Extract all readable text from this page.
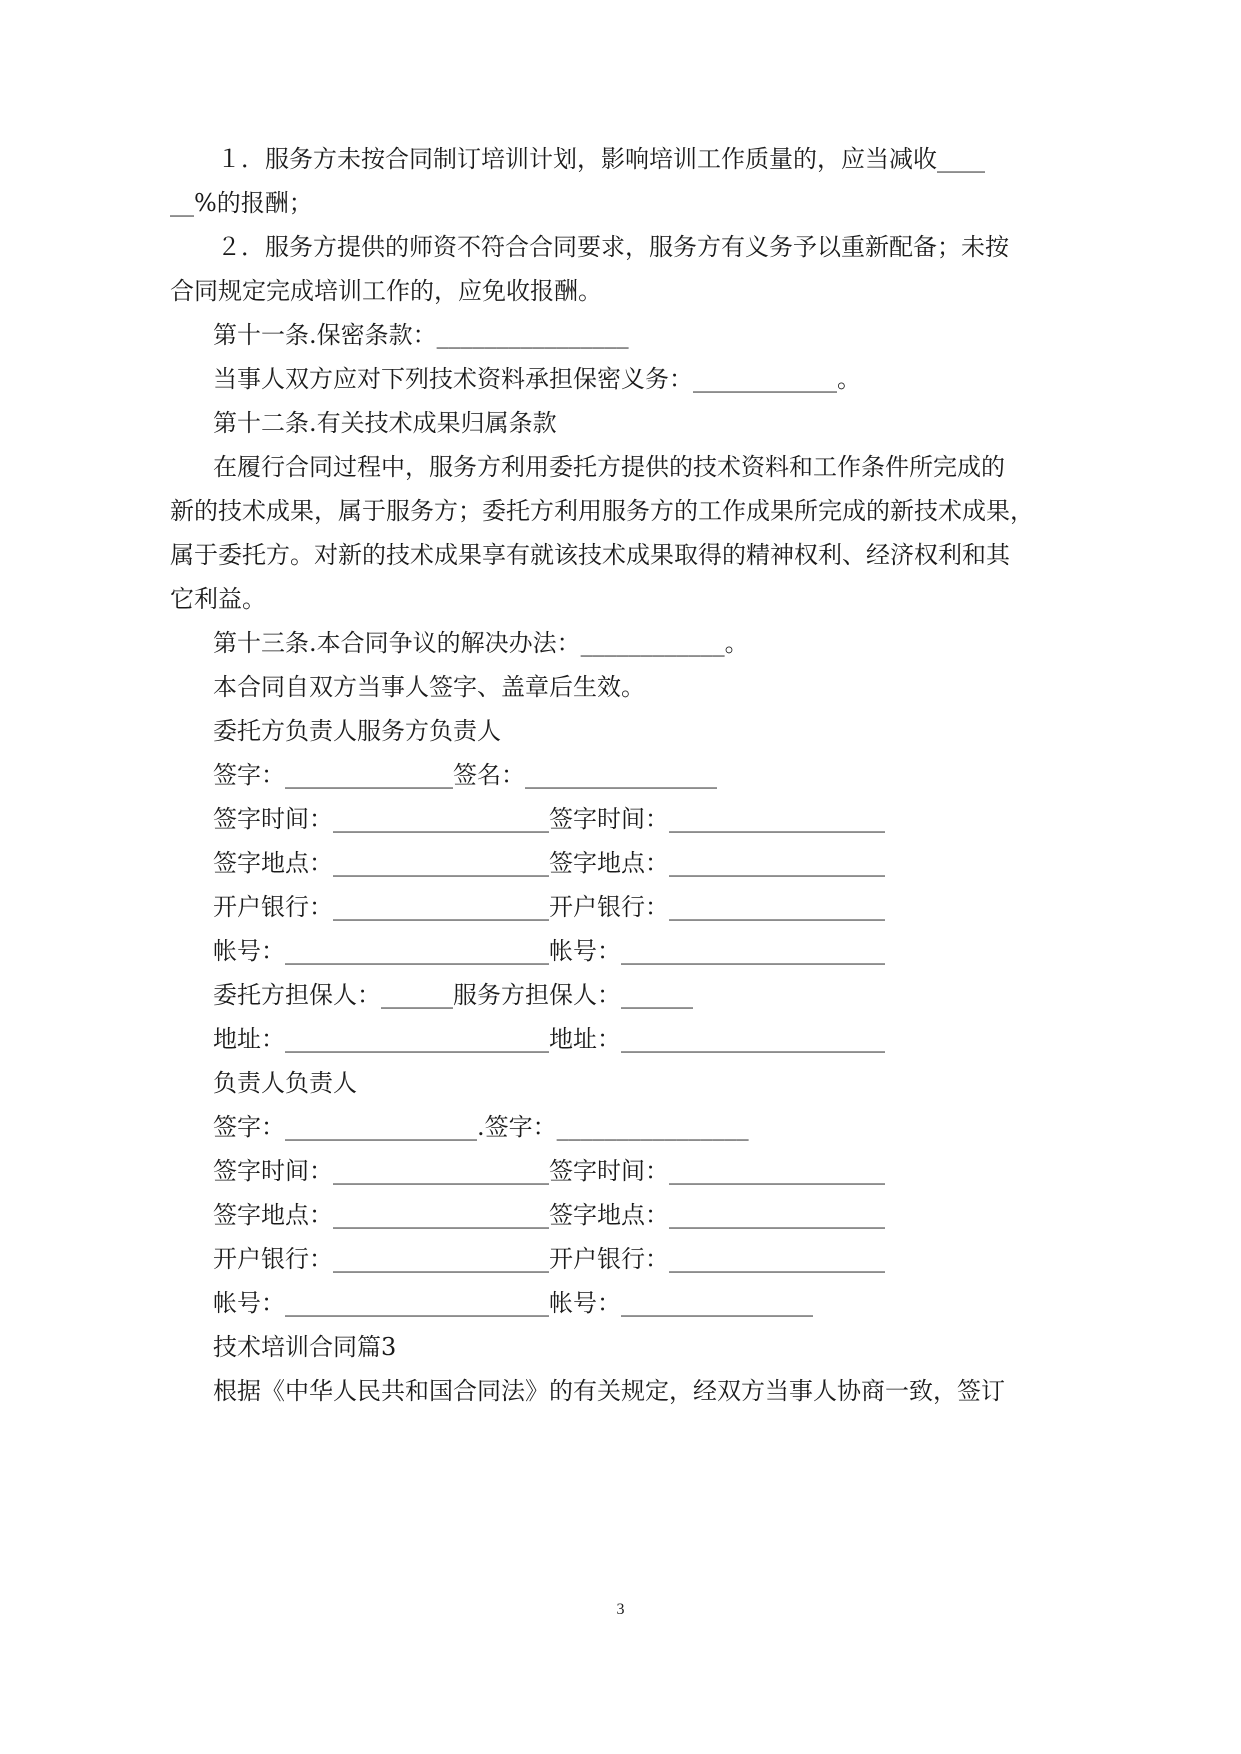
１．服务方未按合同制订培训计划，影响培训工作质量的，应当减收____
__%的报酬；
２．服务方提供的师资不符合合同要求，服务方有义务予以重新配备；未按
合同规定完成培训工作的，应免收报酬。
第十一条.保密条款：________________
当事人双方应对下列技术资料承担保密义务：____________。
第十二条.有关技术成果归属条款
在履行合同过程中，服务方利用委托方提供的技术资料和工作条件所完成的
新的技术成果，属于服务方；委托方利用服务方的工作成果所完成的新技术成果，
属于委托方。对新的技术成果享有就该技术成果取得的精神权利、经济权利和其
它利益。
第十三条.本合同争议的解决办法：____________。
本合同自双方当事人签字、盖章后生效。
委托方负责人服务方负责人
签字：______________签名：________________
签字时间：__________________签字时间：__________________
签字地点：__________________签字地点：__________________
开户银行：__________________开户银行：__________________
帐号：______________________帐号：______________________
委托方担保人：______服务方担保人：______
地址：______________________地址：______________________
负责人负责人
签字：________________.签字：________________
签字时间：__________________签字时间：__________________
签字地点：__________________签字地点：__________________
开户银行：__________________开户银行：__________________
帐号：______________________帐号：________________
技术培训合同篇3
根据《中华人民共和国合同法》的有关规定，经双方当事人协商一致，签订
3
